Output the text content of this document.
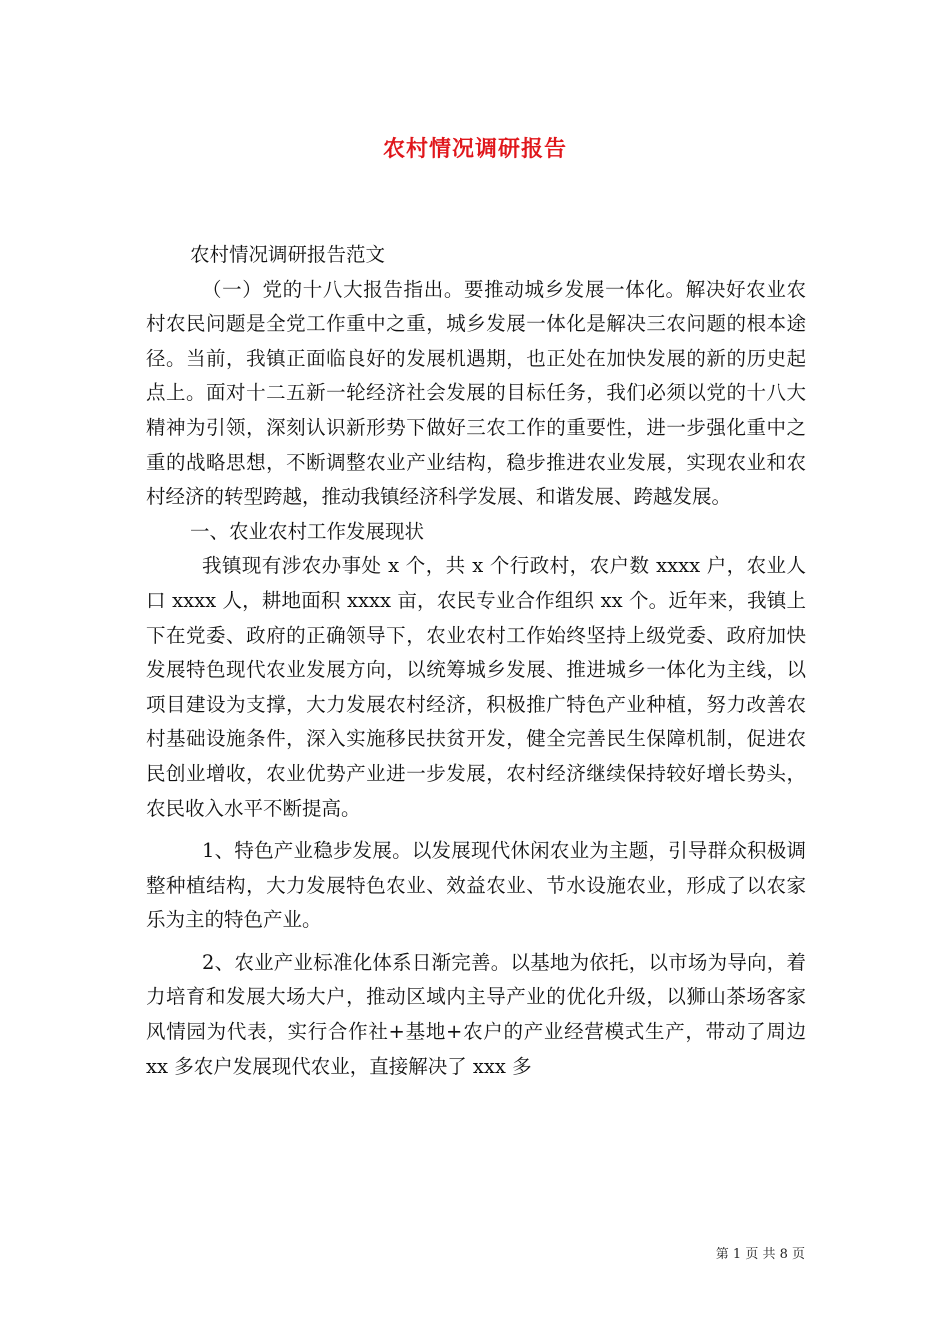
农村情况调研报告

农村情况调研报告范文

（一）党的十八大报告指出。要推动城乡发展一体化。解决好农业农村农民问题是全党工作重中之重，城乡发展一体化是解决三农问题的根本途径。当前，我镇正面临良好的发展机遇期，也正处在加快发展的新的历史起点上。面对十二五新一轮经济社会发展的目标任务，我们必须以党的十八大精神为引领，深刻认识新形势下做好三农工作的重要性，进一步强化重中之重的战略思想，不断调整农业产业结构，稳步推进农业发展，实现农业和农村经济的转型跨越，推动我镇经济科学发展、和谐发展、跨越发展。

一、农业农村工作发展现状

我镇现有涉农办事处 x 个，共 x 个行政村，农户数 xxxx 户，农业人口 xxxx 人，耕地面积 xxxx 亩，农民专业合作组织 xx 个。近年来，我镇上下在党委、政府的正确领导下，农业农村工作始终坚持上级党委、政府加快发展特色现代农业发展方向，以统筹城乡发展、推进城乡一体化为主线，以项目建设为支撑，大力发展农村经济，积极推广特色产业种植，努力改善农村基础设施条件，深入实施移民扶贫开发，健全完善民生保障机制，促进农民创业增收，农业优势产业进一步发展，农村经济继续保持较好增长势头，农民收入水平不断提高。

1、特色产业稳步发展。以发展现代休闲农业为主题，引导群众积极调整种植结构，大力发展特色农业、效益农业、节水设施农业，形成了以农家乐为主的特色产业。

2、农业产业标准化体系日渐完善。以基地为依托，以市场为导向，着力培育和发展大场大户，推动区域内主导产业的优化升级，以狮山茶场客家风情园为代表，实行合作社+基地+农户的产业经营模式生产，带动了周边 xx 多农户发展现代农业，直接解决了 xxx 多

第 1 页 共 8 页
